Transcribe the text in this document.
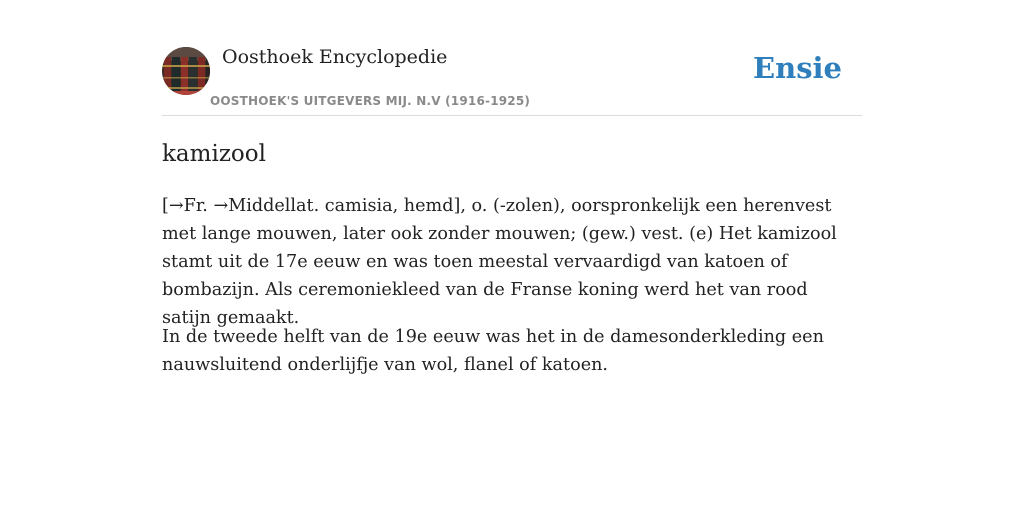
Oosthoek Encyclopedie
OOSTHOEK'S UITGEVERS MIJ. N.V (1916-1925)
Ensie
kamizool

[→Fr. →Middellat. camisia, hemd], o. (-zolen), oorspronkelijk een herenvest met lange mouwen, later ook zonder mouwen; (gew.) vest. (e) Het kamizool stamt uit de 17e eeuw en was toen meestal vervaardigd van katoen of bombazijn. Als ceremoniekleed van de Franse koning werd het van rood satijn gemaakt.

In de tweede helft van de 19e eeuw was het in de damesonderkleding een nauwsluitend onderlijfje van wol, flanel of katoen.
